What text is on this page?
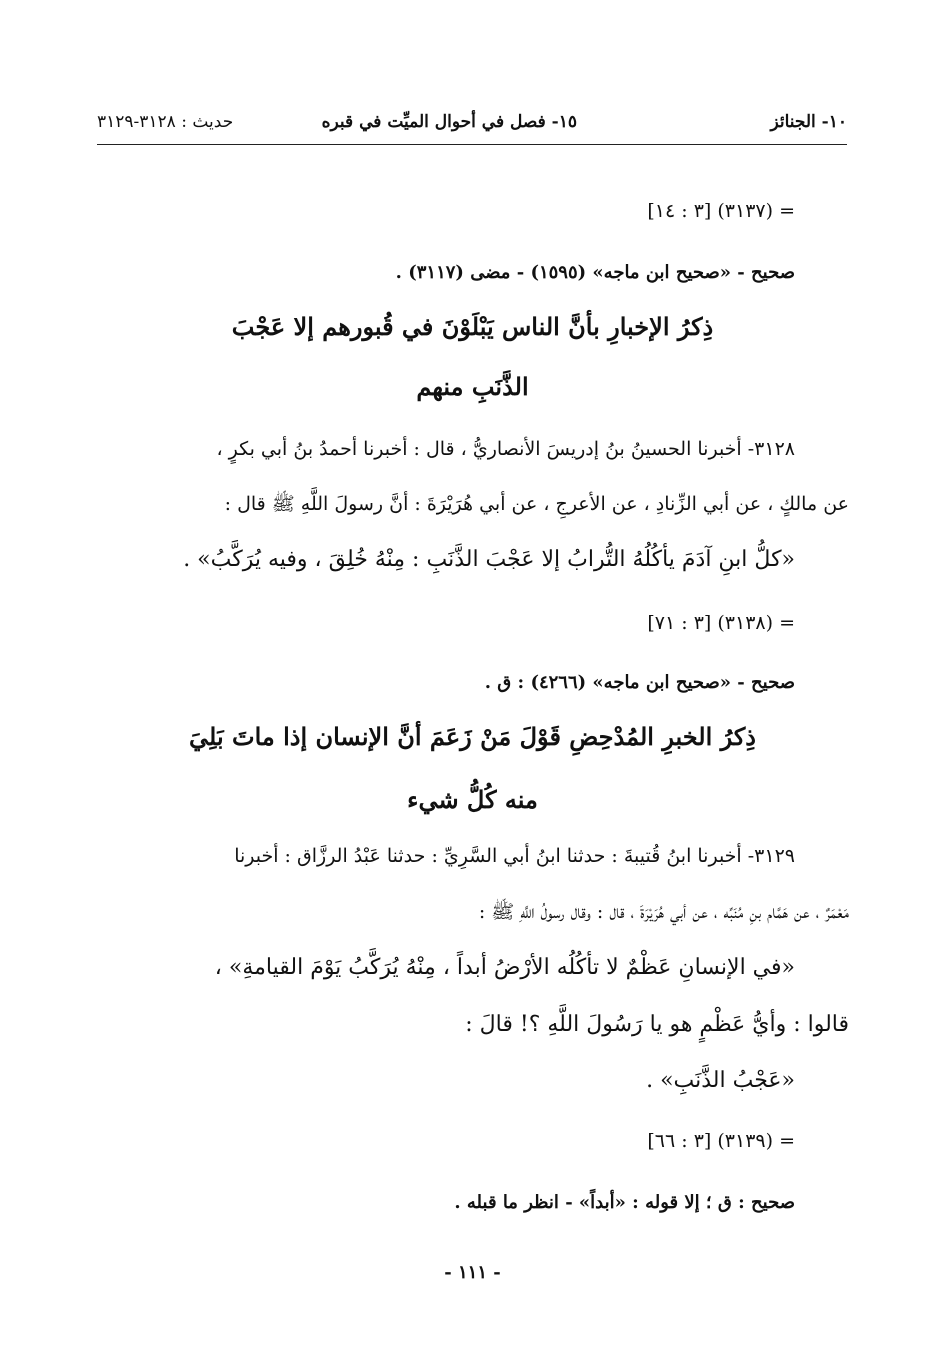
١٠- الجنائز
١٥- فصل في أحوال الميِّت في قبره
حديث : ٣١٢٨-٣١٢٩
= (٣١٣٧) [٣ : ١٤]
صحيح - «صحيح ابن ماجه» (١٥٩٥) - مضى (٣١١٧) .
ذِكرُ الإخبارِ بأنَّ الناس يَبْلَوْنَ في قُبورهم إلا عَجْبَ
الذَّنَبِ منهم
٣١٢٨- أخبرنا الحسينُ بنُ إدريسَ الأنصاريُّ ، قال : أخبرنا أحمدُ بنُ أبي بكرٍ ،
عن مالكٍ ، عن أبي الزِّنادِ ، عن الأعرجِ ، عن أبي هُرَيْرَةَ : أنَّ رسولَ اللَّهِ ﷺ قال :
«كلُّ ابنِ آدَمَ يأكُلُهُ التُّرابُ إلا عَجْبَ الذَّنَبِ : مِنْهُ خُلِقَ ، وفيه يُرَكَّبُ» .
= (٣١٣٨) [٣ : ٧١]
صحيح - «صحيح ابن ماجه» (٤٢٦٦) : ق .
ذِكرُ الخبرِ المُدْحِضِ قَوْلَ مَنْ زَعَمَ أنَّ الإنسان إذا ماتَ بَلِيَ
منه كُلُّ شيء
٣١٢٩- أخبرنا ابنُ قُتيبةَ : حدثنا ابنُ أبي السَّرِيِّ : حدثنا عَبْدُ الرزَّاق : أخبرنا
مَعْمَرٌ ، عن هَمَّام بنِ مُنَبِّه ، عن أبي هُرَيْرَةَ ، قال : وقال رسولُ اللَّهِ ﷺ :
«في الإنسانِ عَظْمٌ لا تأكُلُه الأرْضُ أبداً ، مِنْهُ يُرَكَّبُ يَوْمَ القيامةِ» ،
قالوا : وأيُّ عَظْمٍ هو يا رَسُولَ اللَّهِ ؟! قالَ :
«عَجْبُ الذَّنَبِ» .
= (٣١٣٩) [٣ : ٦٦]
صحيح : ق ؛ إلا قوله : «أبداً» - انظر ما قبله .
- ١١١ -
